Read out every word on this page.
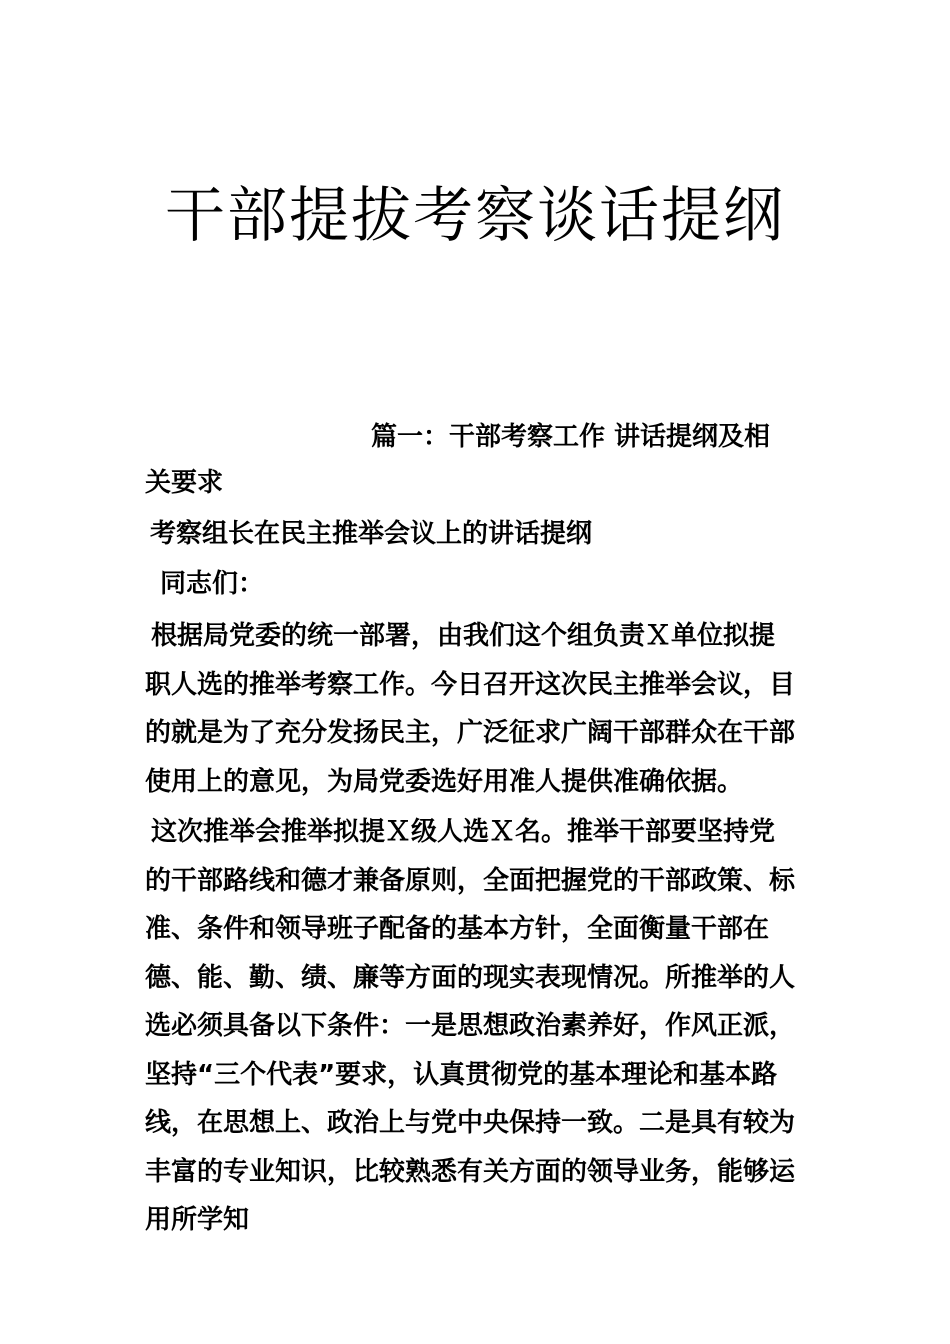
干部提拔考察谈话提纲

篇一：干部考察工作 讲话提纲及相关要求

考察组长在民主推举会议上的讲话提纲

同志们：

根据局党委的统一部署，由我们这个组负责Ｘ单位拟提职人选的推举考察工作。今日召开这次民主推举会议，目的就是为了充分发扬民主，广泛征求广阔干部群众在干部使用上的意见，为局党委选好用准人提供准确依据。

这次推举会推举拟提Ｘ级人选Ｘ名。推举干部要坚持党的干部路线和德才兼备原则，全面把握党的干部政策、标准、条件和领导班子配备的基本方针，全面衡量干部在德、能、勤、绩、廉等方面的现实表现情况。所推举的人选必须具备以下条件：一是思想政治素养好，作风正派，坚持“三个代表”要求，认真贯彻党的基本理论和基本路线，在思想上、政治上与党中央保持一致。二是具有较为丰富的专业知识，比较熟悉有关方面的领导业务，能够运用所学知
